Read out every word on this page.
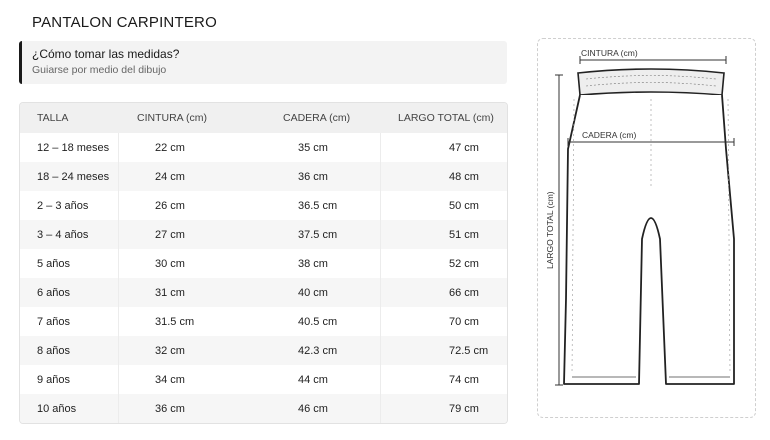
PANTALON CARPINTERO
¿Cómo tomar las medidas?
Guiarse por medio del dibujo
TALLA	CINTURA (cm)	CADERA (cm)	LARGO TOTAL (cm)
12 – 18 meses	22 cm	35 cm	47 cm
18 – 24 meses	24 cm	36 cm	48 cm
2 – 3 años	26 cm	36.5 cm	50 cm
3 – 4 años	27 cm	37.5 cm	51 cm
5 años	30 cm	38 cm	52 cm
6 años	31 cm	40 cm	66 cm
7 años	31.5 cm	40.5 cm	70 cm
8 años	32 cm	42.3 cm	72.5 cm
9 años	34 cm	44 cm	74 cm
10 años	36 cm	46 cm	79 cm
CINTURA (cm)
CADERA (cm)
LARGO TOTAL (cm)
